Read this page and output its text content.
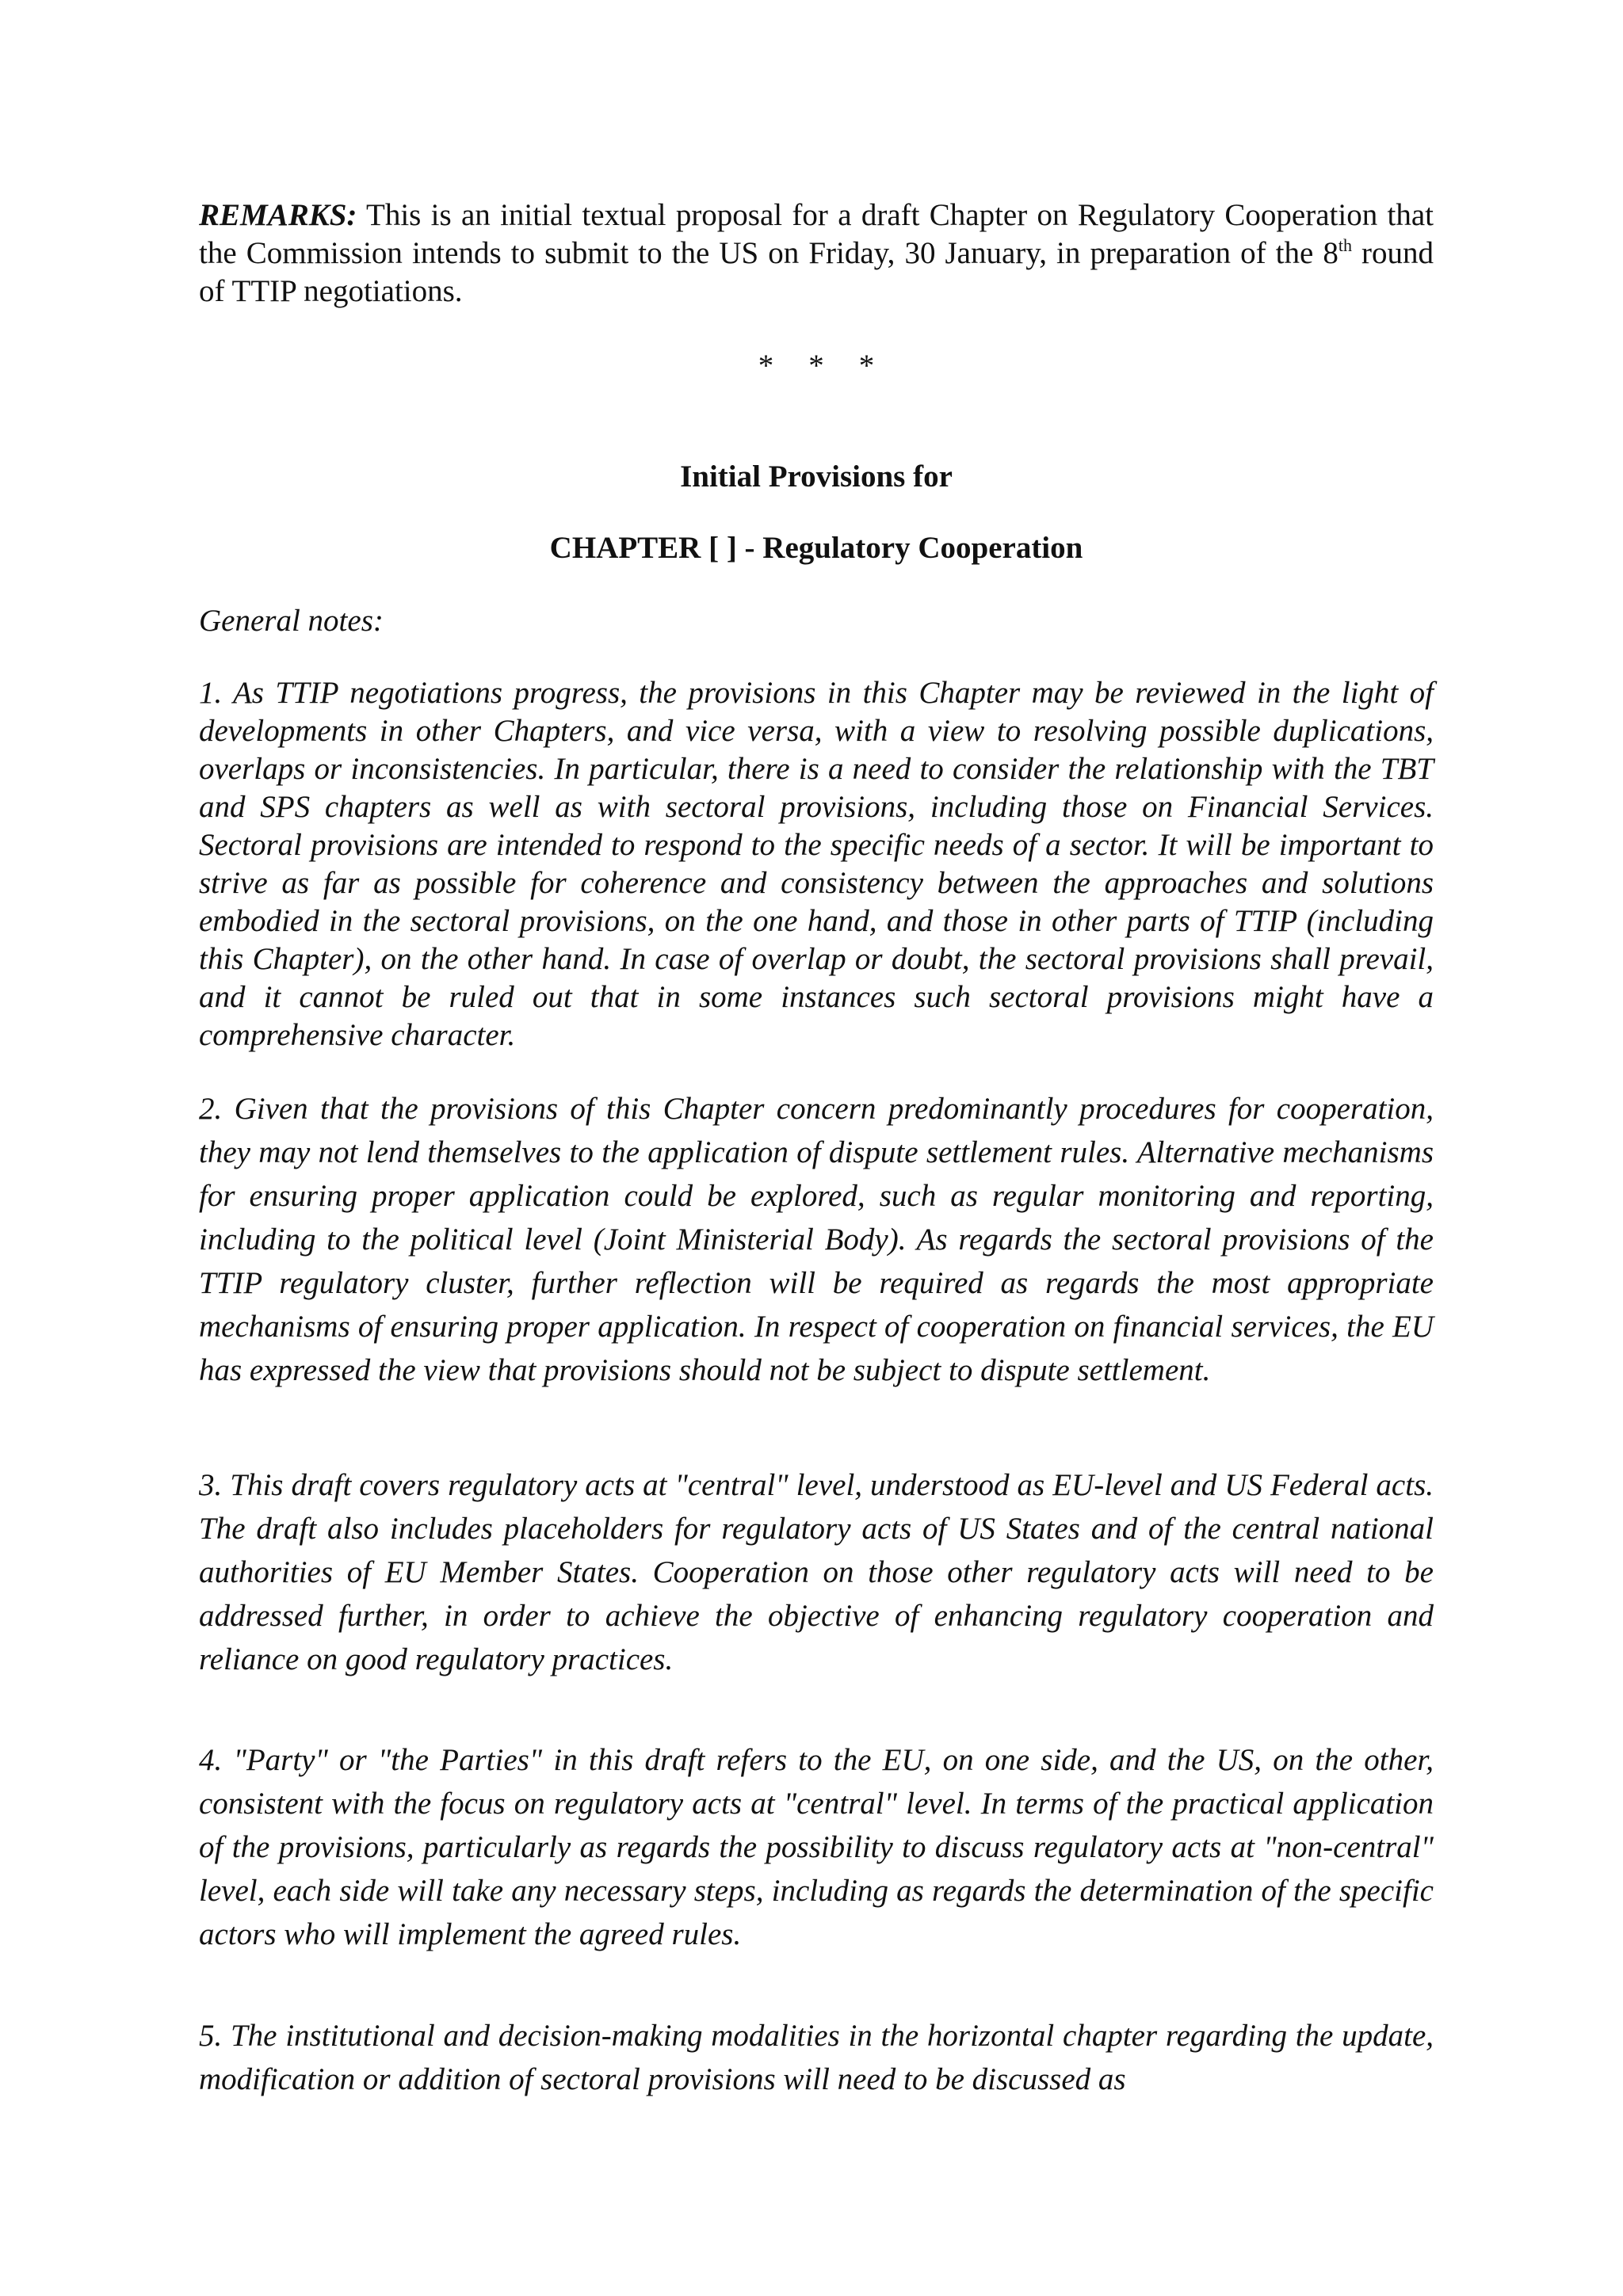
REMARKS: This is an initial textual proposal for a draft Chapter on Regulatory Cooperation that the Commission intends to submit to the US on Friday, 30 January, in preparation of the 8th round of TTIP negotiations.

* * *

Initial Provisions for

CHAPTER [ ] - Regulatory Cooperation

General notes:

1. As TTIP negotiations progress, the provisions in this Chapter may be reviewed in the light of developments in other Chapters, and vice versa, with a view to resolving possible duplications, overlaps or inconsistencies. In particular, there is a need to consider the relationship with the TBT and SPS chapters as well as with sectoral provisions, including those on Financial Services. Sectoral provisions are intended to respond to the specific needs of a sector. It will be important to strive as far as possible for coherence and consistency between the approaches and solutions embodied in the sectoral provisions, on the one hand, and those in other parts of TTIP (including this Chapter), on the other hand. In case of overlap or doubt, the sectoral provisions shall prevail, and it cannot be ruled out that in some instances such sectoral provisions might have a comprehensive character.

2. Given that the provisions of this Chapter concern predominantly procedures for cooperation, they may not lend themselves to the application of dispute settlement rules. Alternative mechanisms for ensuring proper application could be explored, such as regular monitoring and reporting, including to the political level (Joint Ministerial Body). As regards the sectoral provisions of the TTIP regulatory cluster, further reflection will be required as regards the most appropriate mechanisms of ensuring proper application. In respect of cooperation on financial services, the EU has expressed the view that provisions should not be subject to dispute settlement.

3. This draft covers regulatory acts at "central" level, understood as EU-level and US Federal acts. The draft also includes placeholders for regulatory acts of US States and of the central national authorities of EU Member States. Cooperation on those other regulatory acts will need to be addressed further, in order to achieve the objective of enhancing regulatory cooperation and reliance on good regulatory practices.

4. "Party" or "the Parties" in this draft refers to the EU, on one side, and the US, on the other, consistent with the focus on regulatory acts at "central" level. In terms of the practical application of the provisions, particularly as regards the possibility to discuss regulatory acts at "non-central" level, each side will take any necessary steps, including as regards the determination of the specific actors who will implement the agreed rules.

5. The institutional and decision-making modalities in the horizontal chapter regarding the update, modification or addition of sectoral provisions will need to be discussed as
